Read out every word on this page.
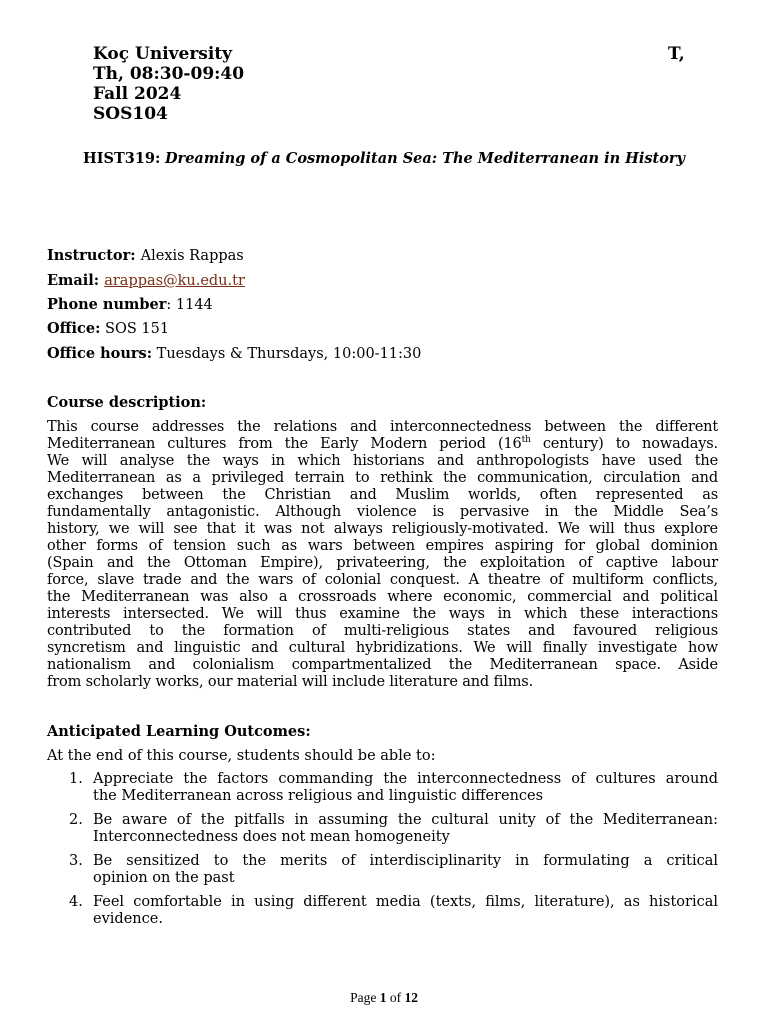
Koç University	T,
Th, 08:30-09:40
Fall 2024
SOS104
HIST319: Dreaming of a Cosmopolitan Sea: The Mediterranean in History
Instructor: Alexis Rappas
Email: arappas@ku.edu.tr
Phone number: 1144
Office: SOS 151
Office hours: Tuesdays & Thursdays, 10:00-11:30
Course description:
This course addresses the relations and interconnectedness between the different
Mediterranean cultures from the Early Modern period (16th century) to nowadays.
We will analyse the ways in which historians and anthropologists have used the
Mediterranean as a privileged terrain to rethink the communication, circulation and
exchanges between the Christian and Muslim worlds, often represented as
fundamentally antagonistic. Although violence is pervasive in the Middle Sea’s
history, we will see that it was not always religiously-motivated. We will thus explore
other forms of tension such as wars between empires aspiring for global dominion
(Spain and the Ottoman Empire), privateering, the exploitation of captive labour
force, slave trade and the wars of colonial conquest. A theatre of multiform conflicts,
the Mediterranean was also a crossroads where economic, commercial and political
interests intersected. We will thus examine the ways in which these interactions
contributed to the formation of multi-religious states and favoured religious
syncretism and linguistic and cultural hybridizations. We will finally investigate how
nationalism and colonialism compartmentalized the Mediterranean space. Aside
from scholarly works, our material will include literature and films.
Anticipated Learning Outcomes:
At the end of this course, students should be able to:
1. Appreciate the factors commanding the interconnectedness of cultures around
the Mediterranean across religious and linguistic differences
2. Be aware of the pitfalls in assuming the cultural unity of the Mediterranean:
Interconnectedness does not mean homogeneity
3. Be sensitized to the merits of interdisciplinarity in formulating a critical
opinion on the past
4. Feel comfortable in using different media (texts, films, literature), as historical
evidence.
Page 1 of 12
